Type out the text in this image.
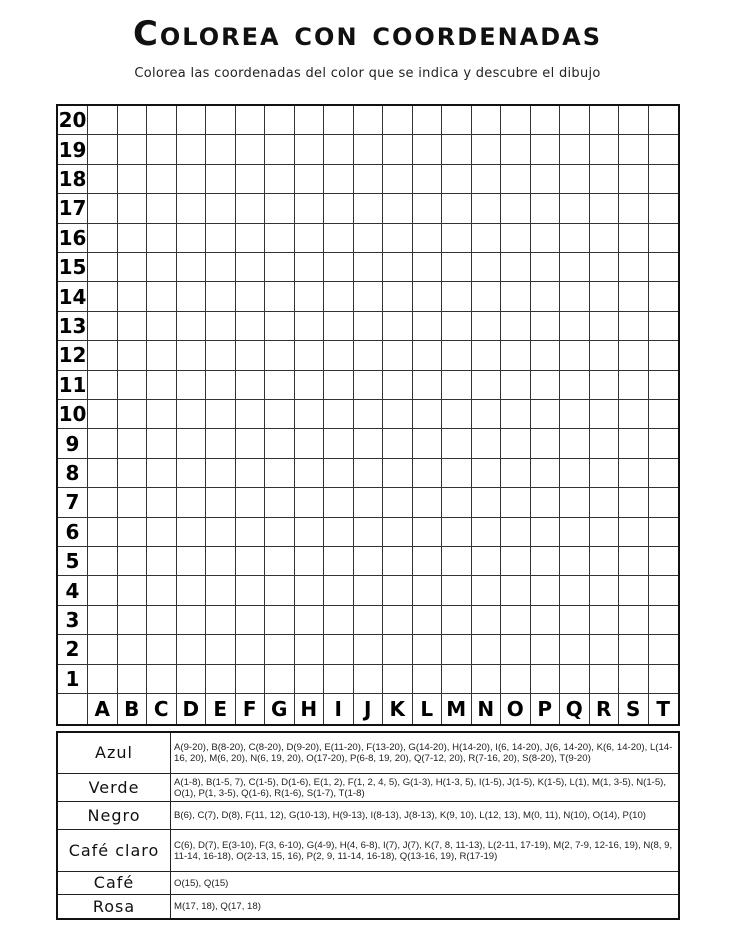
Colorea con coordenadas
Colorea las coordenadas del color que se indica y descubre el dibujo
20
19
18
17
16
15
14
13
12
11
10
9
8
7
6
5
4
3
2
1
A B C D E F G H I	J K L M N O P Q R S T
Azul	A(9-20), B(8-20), C(8-20), D(9-20), E(11-20), F(13-20), G(14-20), H(14-20), I(6, 14-20), J(6, 14-20), K(6, 14-20), L(14-16, 20), M(6, 20), N(6, 19, 20), O(17-20), P(6-8, 19, 20), Q(7-12, 20), R(7-16, 20), S(8-20), T(9-20)
Verde	A(1-8), B(1-5, 7), C(1-5), D(1-6), E(1, 2), F(1, 2, 4, 5), G(1-3), H(1-3, 5), I(1-5), J(1-5), K(1-5), L(1), M(1, 3-5), N(1-5), O(1), P(1, 3-5), Q(1-6), R(1-6), S(1-7), T(1-8)
Negro	B(6), C(7), D(8), F(11, 12), G(10-13), H(9-13), I(8-13), J(8-13), K(9, 10), L(12, 13), M(0, 11), N(10), O(14), P(10)
Café claro	C(6), D(7), E(3-10), F(3, 6-10), G(4-9), H(4, 6-8), I(7), J(7), K(7, 8, 11-13), L(2-11, 17-19), M(2, 7-9, 12-16, 19), N(8, 9, 11-14, 16-18), O(2-13, 15, 16), P(2, 9, 11-14, 16-18), Q(13-16, 19), R(17-19)
Café	O(15), Q(15)
Rosa	M(17, 18), Q(17, 18)
